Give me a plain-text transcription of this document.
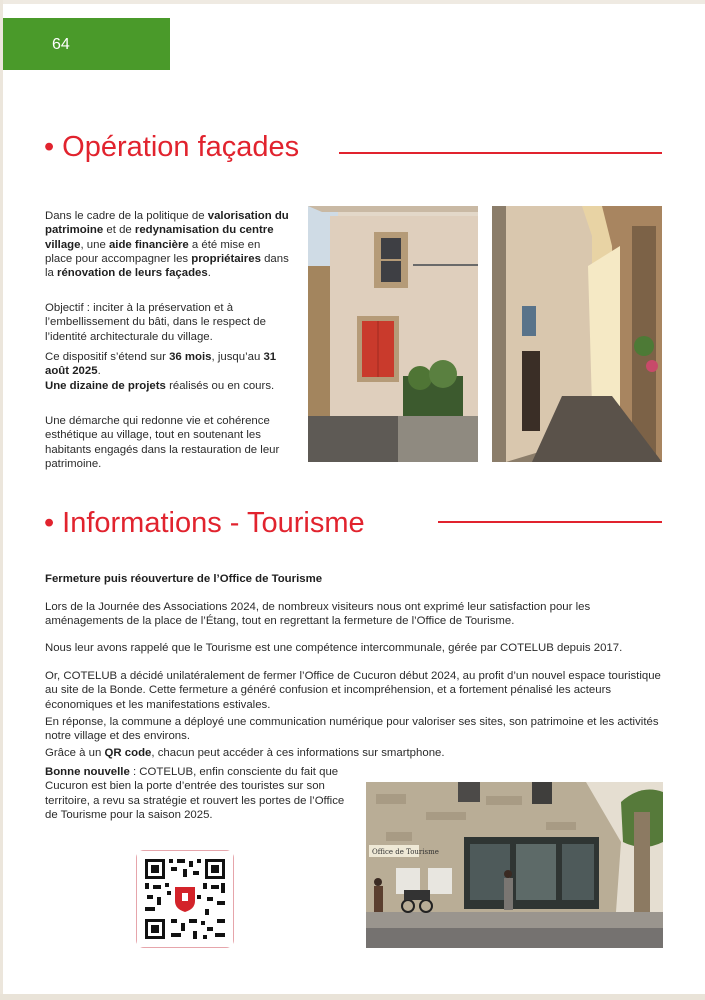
64
• Opération façades

Dans le cadre de la politique de valorisation du patrimoine et de redynamisation du centre village, une aide financière a été mise en place pour accompagner les propriétaires dans la rénovation de leurs façades.

Objectif : inciter à la préservation et à l’embellissement du bâti, dans le respect de l’identité architecturale du village.

Ce dispositif s’étend sur 36 mois, jusqu’au 31 août 2025.
Une dizaine de projets réalisés ou en cours.

Une démarche qui redonne vie et cohérence esthétique au village, tout en soutenant les habitants engagés dans la restauration de leur patrimoine.

• Informations - Tourisme

Fermeture puis réouverture de l’Office de Tourisme

Lors de la Journée des Associations 2024, de nombreux visiteurs nous ont exprimé leur satisfaction pour les aménagements de la place de l’Étang, tout en regrettant la fermeture de l’Office de Tourisme.

Nous leur avons rappelé que le Tourisme est une compétence intercommunale, gérée par COTELUB depuis 2017.

Or, COTELUB a décidé unilatéralement de fermer l’Office de Cucuron début 2024, au profit d’un nouvel espace touristique au site de la Bonde. Cette fermeture a généré confusion et incompréhension, et a fortement pénalisé les acteurs économiques et les manifestations estivales.

En réponse, la commune a déployé une communication numérique pour valoriser ses sites, son patrimoine et les activités notre village et des environs.

Grâce à un QR code, chacun peut accéder à ces informations sur smartphone.

Bonne nouvelle : COTELUB, enfin consciente du fait que Cucuron est bien la porte d’entrée des touristes sur son territoire, a revu sa stratégie et rouvert les portes de l’Office de Tourisme pour la saison 2025.

Office de Tourisme
